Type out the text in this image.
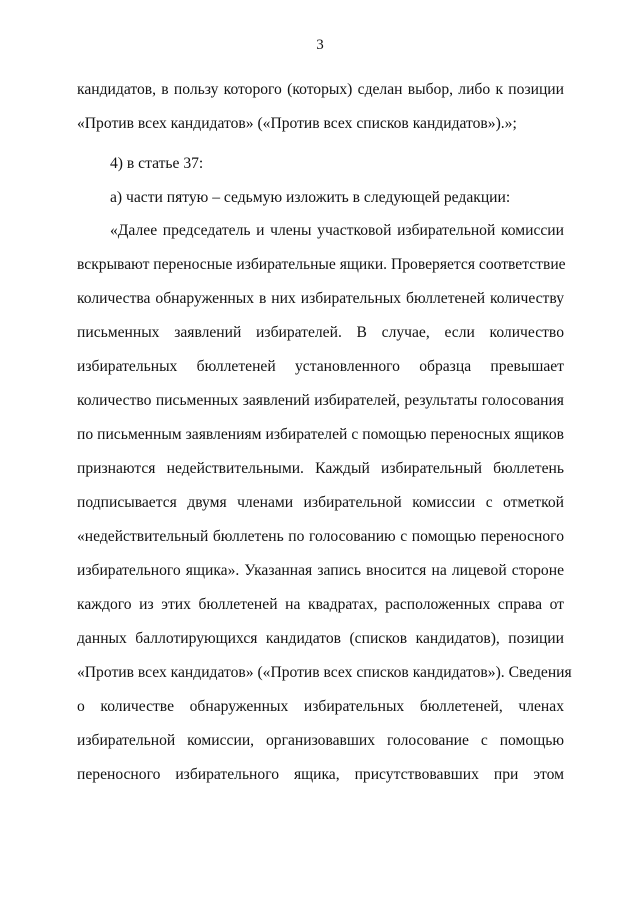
3
кандидатов, в пользу которого (которых) сделан выбор, либо к позиции
«Против всех кандидатов» («Против всех списков кандидатов»).»;
4) в статье 37:
а) части пятую – седьмую изложить в следующей редакции:
«Далее председатель и члены участковой избирательной комиссии
вскрывают переносные избирательные ящики. Проверяется соответствие
количества обнаруженных в них избирательных бюллетеней количеству
письменных заявлений избирателей. В случае, если количество
избирательных бюллетеней установленного образца превышает
количество письменных заявлений избирателей, результаты голосования
по письменным заявлениям избирателей с помощью переносных ящиков
признаются недействительными. Каждый избирательный бюллетень
подписывается двумя членами избирательной комиссии с отметкой
«недействительный бюллетень по голосованию с помощью переносного
избирательного ящика». Указанная запись вносится на лицевой стороне
каждого из этих бюллетеней на квадратах, расположенных справа от
данных баллотирующихся кандидатов (списков кандидатов), позиции
«Против всех кандидатов» («Против всех списков кандидатов»). Сведения
о количестве обнаруженных избирательных бюллетеней, членах
избирательной комиссии, организовавших голосование с помощью
переносного избирательного ящика, присутствовавших при этом
